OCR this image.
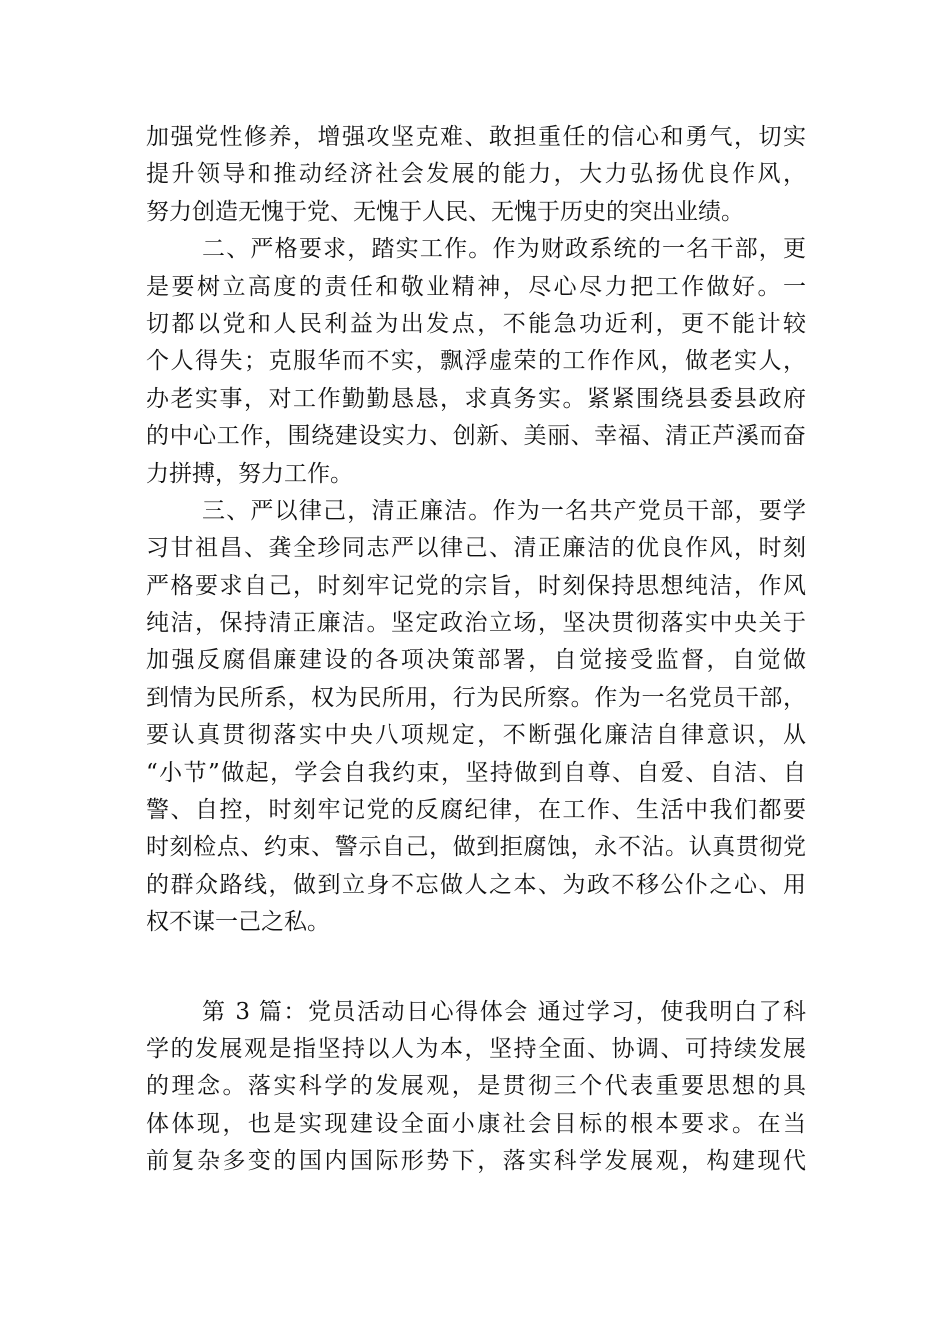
加强党性修养，增强攻坚克难、敢担重任的信心和勇气，切实
提升领导和推动经济社会发展的能力，大力弘扬优良作风，
努力创造无愧于党、无愧于人民、无愧于历史的突出业绩。
二、严格要求，踏实工作。作为财政系统的一名干部，更
是要树立高度的责任和敬业精神，尽心尽力把工作做好。一
切都以党和人民利益为出发点，不能急功近利，更不能计较
个人得失；克服华而不实，飘浮虚荣的工作作风，做老实人，
办老实事，对工作勤勤恳恳，求真务实。紧紧围绕县委县政府
的中心工作，围绕建设实力、创新、美丽、幸福、清正芦溪而奋
力拼搏，努力工作。
三、严以律己，清正廉洁。作为一名共产党员干部，要学
习甘祖昌、龚全珍同志严以律己、清正廉洁的优良作风，时刻
严格要求自己，时刻牢记党的宗旨，时刻保持思想纯洁，作风
纯洁，保持清正廉洁。坚定政治立场，坚决贯彻落实中央关于
加强反腐倡廉建设的各项决策部署，自觉接受监督，自觉做
到情为民所系，权为民所用，行为民所察。作为一名党员干部，
要认真贯彻落实中央八项规定，不断强化廉洁自律意识，从
“小节”做起，学会自我约束，坚持做到自尊、自爱、自洁、自
警、自控，时刻牢记党的反腐纪律，在工作、生活中我们都要
时刻检点、约束、警示自己，做到拒腐蚀，永不沾。认真贯彻党
的群众路线，做到立身不忘做人之本、为政不移公仆之心、用
权不谋一己之私。
第 3 篇：党员活动日心得体会 通过学习，使我明白了科
学的发展观是指坚持以人为本，坚持全面、协调、可持续发展
的理念。落实科学的发展观，是贯彻三个代表重要思想的具
体体现，也是实现建设全面小康社会目标的根本要求。在当
前复杂多变的国内国际形势下，落实科学发展观，构建现代
